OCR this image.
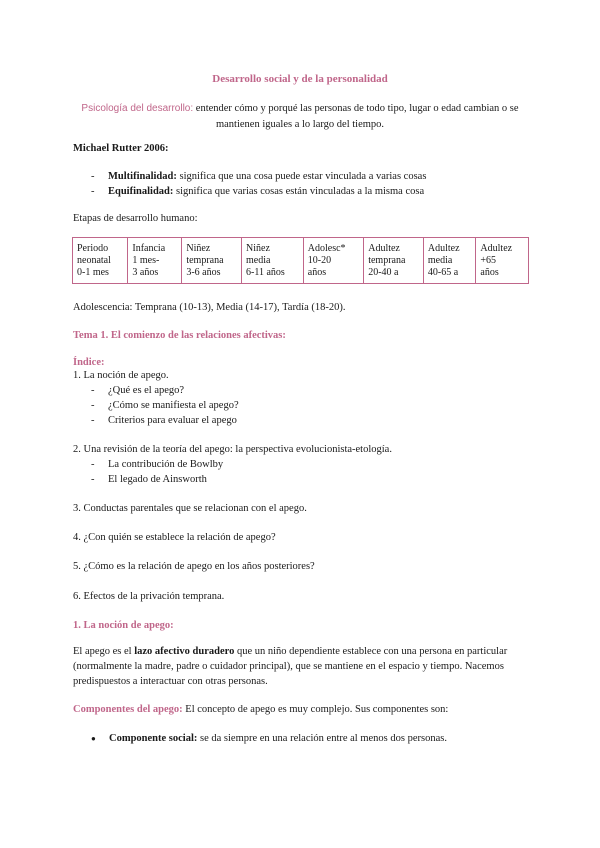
Desarrollo social y de la personalidad
Psicología del desarrollo: entender cómo y porqué las personas de todo tipo, lugar o edad cambian o se mantienen iguales a lo largo del tiempo.
Michael Rutter 2006:
- Multifinalidad: significa que una cosa puede estar vinculada a varias cosas
- Equifinalidad: significa que varias cosas están vinculadas a la misma cosa
Etapas de desarrollo humano:
Periodo
neonatal
0-1 mes

Infancia
1 mes-
3 años

Niñez
temprana
3-6 años

Niñez
media
6-11 años

Adolesc*
10-20
años

Adultez
temprana
20-40 a

Adultez
media
40-65 a

Adultez
+65
años
Adolescencia: Temprana (10-13), Media (14-17), Tardía (18-20).
Tema 1. El comienzo de las relaciones afectivas:
Índice:
1. La noción de apego.
- ¿Qué es el apego?
- ¿Cómo se manifiesta el apego?
- Criterios para evaluar el apego
2. Una revisión de la teoría del apego: la perspectiva evolucionista-etología.
- La contribución de Bowlby
- El legado de Ainsworth
3. Conductas parentales que se relacionan con el apego.
4. ¿Con quién se establece la relación de apego?
5. ¿Cómo es la relación de apego en los años posteriores?
6. Efectos de la privación temprana.
1. La noción de apego:
El apego es el lazo afectivo duradero que un niño dependiente establece con una persona en particular (normalmente la madre, padre o cuidador principal), que se mantiene en el espacio y tiempo. Nacemos predispuestos a interactuar con otras personas.
Componentes del apego: El concepto de apego es muy complejo. Sus componentes son:
● Componente social: se da siempre en una relación entre al menos dos personas.
